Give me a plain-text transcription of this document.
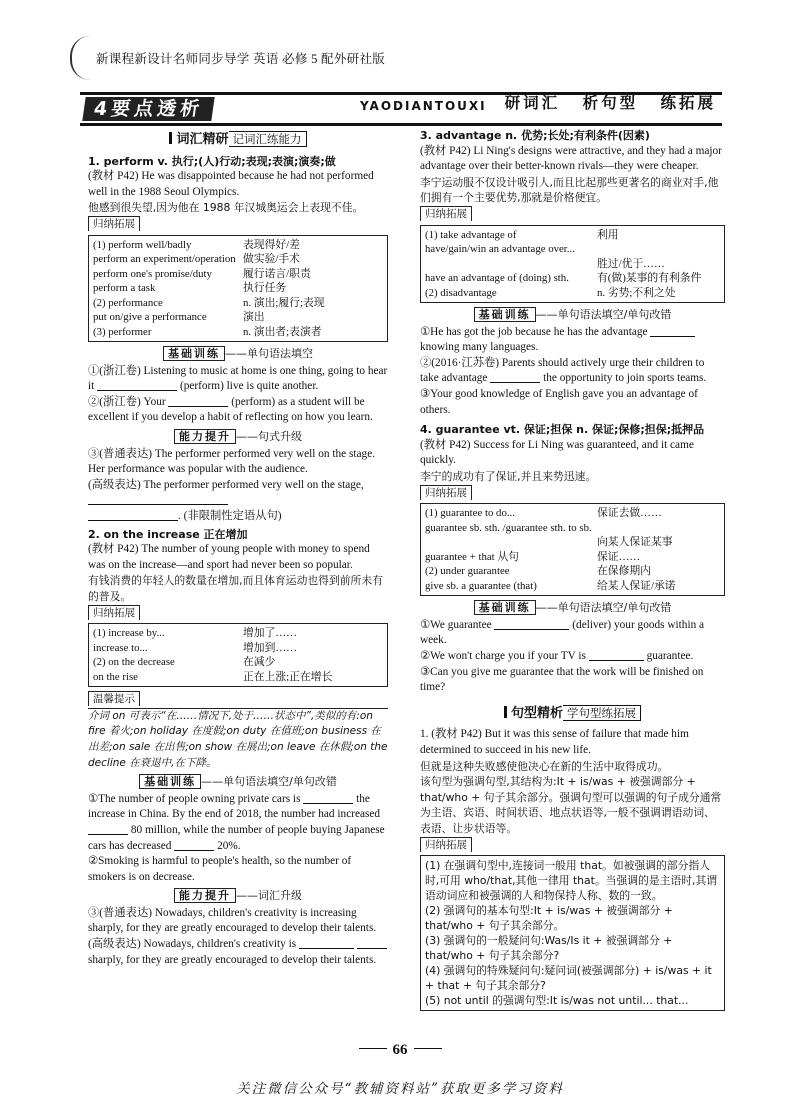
新课程新设计名师同步导学 英语 必修 5 配外研社版
4要点透析	YAODIANTOUXI	研词汇 析句型 练拓展
词汇精研 记词汇练能力

1. perform v. 执行;(人)行动;表现;表演;演奏;做

(教材 P42) He was disappointed because he had not performed well in the 1988 Seoul Olympics.

他感到很失望,因为他在 1988 年汉城奥运会上表现不佳。

归纳拓展
(1) perform well/badly	表现得好/差
perform an experiment/operation 做实验/手术
perform one's promise/duty	履行诺言/职责
perform a task	执行任务
(2) performance	n. 演出;履行;表现
put on/give a performance	演出
(3) performer	n. 演出者;表演者
基础训练 ——单句语法填空

①(浙江卷) Listening to music at home is one thing, going to hear it	(perform) live is quite another.

②(浙江卷) Your	(perform) as a student will be excellent if you develop a habit of reflecting on how you learn.

能力提升 ——句式升级

③(普通表达) The performer performed very well on the stage. Her performance was popular with the audience.

(高级表达) The performer performed very well on the stage,

. (非限制性定语从句)

2. on the increase 正在增加

(教材 P42) The number of young people with money to spend was on the increase—and sport had never been so popular.

有钱消费的年轻人的数量在增加,而且体育运动也得到前所未有的普及。

归纳拓展
(1) increase by...	增加了……
increase to...	增加到……
(2) on the decrease	在减少
on the rise	正在上涨;正在增长
温馨提示

介词 on 可表示“在……情况下,处于……状态中”,类似的有:on fire 着火;on holiday 在度假;on duty 在值班;on business 在出差;on sale 在出售;on show 在展出;on leave 在休假;on the decline 在衰退中,在下降。

基础训练 ——单句语法填空/单句改错

①The number of people owning private cars is	the increase in China. By the end of 2018, the number had increased  80 million, while the number of people buying Japanese cars has decreased	20%.

②Smoking is harmful to people's health, so the number of smokers is on decrease.

能力提升 ——词汇升级

③(普通表达) Nowadays, children's creativity is increasing sharply, for they are greatly encouraged to develop their talents.

(高级表达) Nowadays, children's creativity is   sharply, for they are greatly encouraged to develop their talents.

3. advantage n. 优势;长处;有利条件(因素)

(教材 P42) Li Ning's designs were attractive, and they had a major advantage over their better-known rivals—they were cheaper.

李宁运动服不仅设计吸引人,而且比起那些更著名的商业对手,他们拥有一个主要优势,那就是价格便宜。

归纳拓展
(1) take advantage of	利用
have/gain/win an advantage over...
胜过/优于……
have an advantage of (doing) sth.	有(做)某事的有利条件
(2) disadvantage	n. 劣势;不利之处
基础训练 ——单句语法填空/单句改错

①He has got the job because he has the advantage  knowing many languages.

②(2016·江苏卷) Parents should actively urge their children to take advantage	the opportunity to join sports teams.

③Your good knowledge of English gave you an advantage of others.

4. guarantee vt. 保证;担保 n. 保证;保修;担保;抵押品

(教材 P42) Success for Li Ning was guaranteed, and it came quickly.

李宁的成功有了保证,并且来势迅速。

归纳拓展
(1) guarantee to do...	保证去做……
guarantee sb. sth. /guarantee sth. to sb.
向某人保证某事
guarantee + that 从句	保证……
(2) under guarantee	在保修期内
give sb. a guarantee (that)	给某人保证/承诺
基础训练 ——单句语法填空/单句改错

①We guarantee	(deliver) your goods within a week.

②We won't charge you if your TV is	guarantee.

③Can you give me guarantee that the work will be finished on time?

句型精析 学句型练拓展

1. (教材 P42) But it was this sense of failure that made him determined to succeed in his new life.

但就是这种失败感使他决心在新的生活中取得成功。

该句型为强调句型,其结构为:It + is/was + 被强调部分 + that/who + 句子其余部分。强调句型可以强调的句子成分通常为主语、宾语、时间状语、地点状语等,一般不强调谓语动词、表语、让步状语等。

归纳拓展

(1) 在强调句型中,连接词一般用 that。如被强调的部分指人时,可用 who/that,其他一律用 that。当强调的是主语时,其谓语动词应和被强调的人和物保持人称、数的一致。

(2) 强调句的基本句型:It + is/was + 被强调部分 + that/who + 句子其余部分。

(3) 强调句的一般疑问句:Was/Is it + 被强调部分 + that/who + 句子其余部分?

(4) 强调句的特殊疑问句:疑问词(被强调部分) + is/was + it + that + 句子其余部分?

(5) not until 的强调句型:It is/was not until... that...

66
关注微信公众号“教辅资料站”获取更多学习资料
